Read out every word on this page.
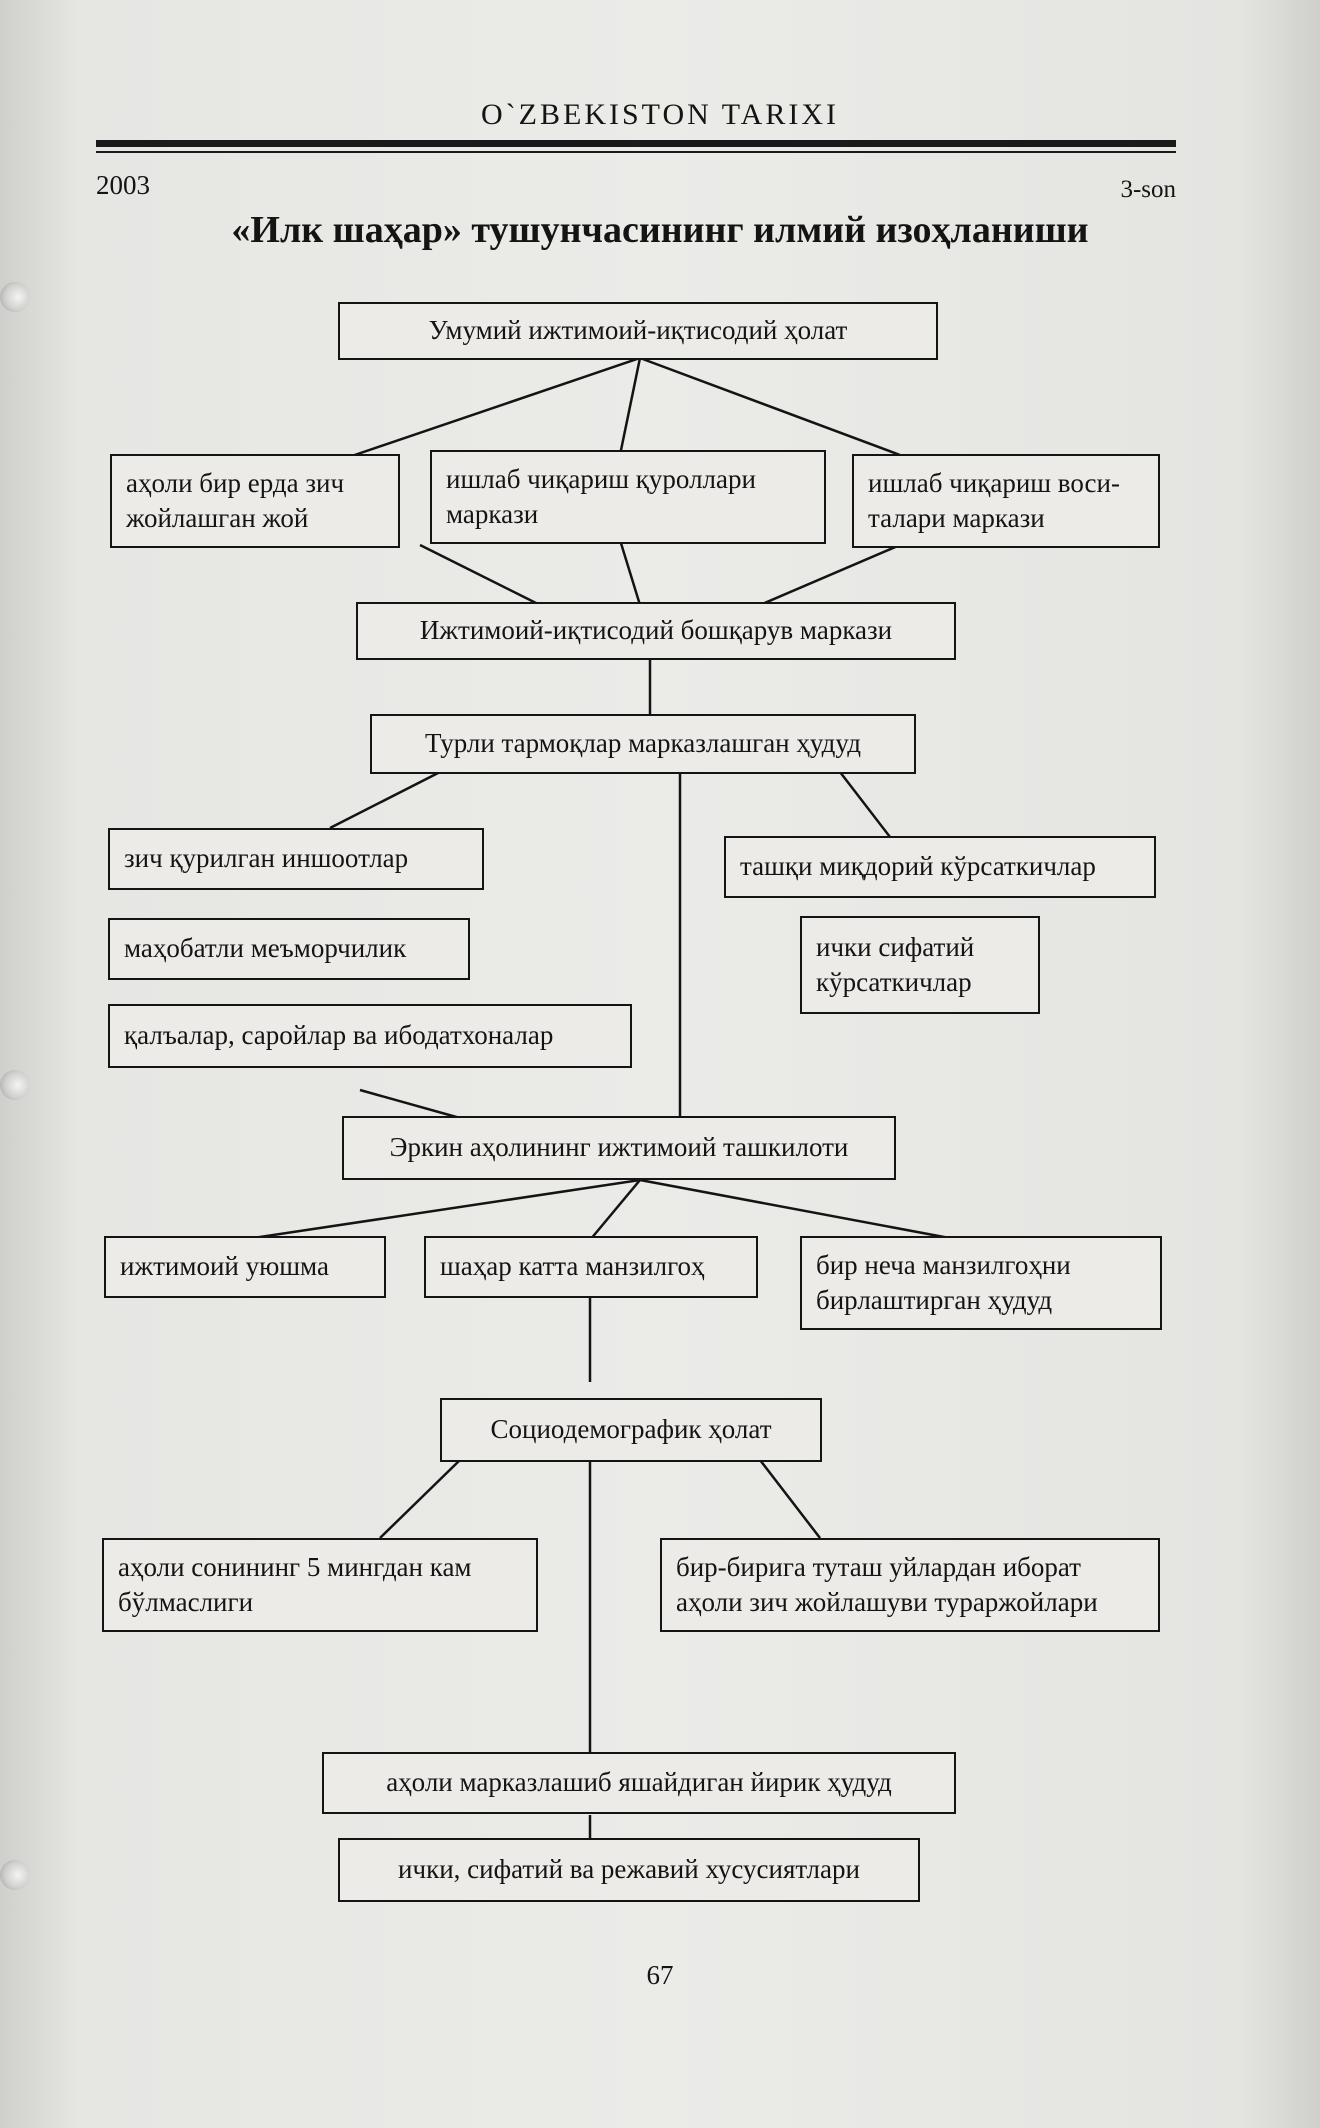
O`ZBEKISTON TARIXI
2003	3-son
«Илк шаҳар» тушунчасининг илмий изоҳланиши
Умумий ижтимоий-иқтисодий ҳолат
аҳоли бир ерда зич
жойлашган жой
ишлаб чиқариш қуроллари
маркази
ишлаб чиқариш воси-
талари маркази
Ижтимоий-иқтисодий бошқарув маркази
Турли тармоқлар марказлашган ҳудуд
зич қурилган иншоотлар
маҳобатли меъморчилик
қалъалар, саройлар ва ибодатхоналар
ташқи миқдорий кўрсаткичлар
ички сифатий
кўрсаткичлар
Эркин аҳолининг ижтимоий ташкилоти
ижтимоий уюшма	шаҳар катта манзилгоҳ	бир неча манзилгоҳни
бирлаштирган ҳудуд
Социодемографик ҳолат
аҳоли сонининг 5 мингдан кам
бўлмаслиги
бир-бирига туташ уйлардан иборат
аҳоли зич жойлашуви тураржойлари
аҳоли марказлашиб яшайдиган йирик ҳудуд
ички, сифатий ва режавий хусусиятлари
67
